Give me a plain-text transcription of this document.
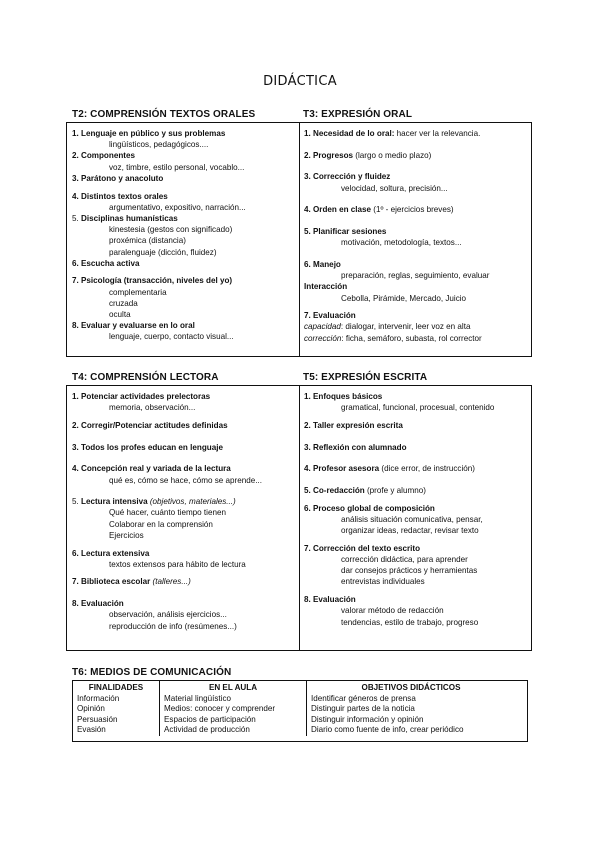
DIDÁCTICA
T2: COMPRENSIÓN TEXTOS ORALES	T3: EXPRESIÓN ORAL
1. Lenguaje en público y sus problemas
lingüísticos, pedagógicos....
2. Componentes
voz, timbre, estilo personal, vocablo...
3. Parátono y anacoluto
4. Distintos textos orales
argumentativo, expositivo, narración...
5. Disciplinas humanísticas
kinestesia (gestos con significado)
proxémica (distancia)
paralenguaje (dicción, fluidez)
6. Escucha activa
7. Psicología (transacción, niveles del yo)
complementaria
cruzada
oculta
8. Evaluar y evaluarse en lo oral
lenguaje, cuerpo, contacto visual...
1. Necesidad de lo oral: hacer ver la relevancia.
2. Progresos (largo o medio plazo)
3. Corrección y fluidez
velocidad, soltura, precisión...
4. Orden en clase (1º - ejercicios breves)
5. Planificar sesiones
motivación, metodología, textos...
6. Manejo
preparación, reglas, seguimiento, evaluar
Interacción
Cebolla, Pirámide, Mercado, Juicio
7. Evaluación
capacidad: dialogar, intervenir, leer voz en alta
corrección: ficha, semáforo, subasta, rol corrector
T4: COMPRENSIÓN LECTORA	T5: EXPRESIÓN ESCRITA
1. Potenciar actividades prelectoras
memoria, observación...
2. Corregir/Potenciar actitudes definidas
3. Todos los profes educan en lenguaje
4. Concepción real y variada de la lectura
qué es, cómo se hace, cómo se aprende...
5. Lectura intensiva (objetivos, materiales...)
Qué hacer, cuánto tiempo tienen
Colaborar en la comprensión
Ejercicios
6. Lectura extensiva
textos extensos para hábito de lectura
7. Biblioteca escolar (talleres...)
8. Evaluación
observación, análisis ejercicios...
reproducción de info (resúmenes...)
1. Enfoques básicos
gramatical, funcional, procesual, contenido
2. Taller expresión escrita
3. Reflexión con alumnado
4. Profesor asesora (dice error, de instrucción)
5. Co-redacción (profe y alumno)
6. Proceso global de composición
análisis situación comunicativa, pensar,
organizar ideas, redactar, revisar texto
7. Corrección del texto escrito
corrección didáctica, para aprender
dar consejos prácticos y herramientas
entrevistas individuales
8. Evaluación
valorar método de redacción
tendencias, estilo de trabajo, progreso
T6: MEDIOS DE COMUNICACIÓN
FINALIDADES	EN EL AULA	OBJETIVOS DIDÁCTICOS
Información	Material lingüístico	Identificar géneros de prensa
Opinión	Medios: conocer y comprender	Distinguir partes de la noticia
Persuasión	Espacios de participación	Distinguir información y opinión
Evasión	Actividad de producción	Diario como fuente de info, crear periódico
